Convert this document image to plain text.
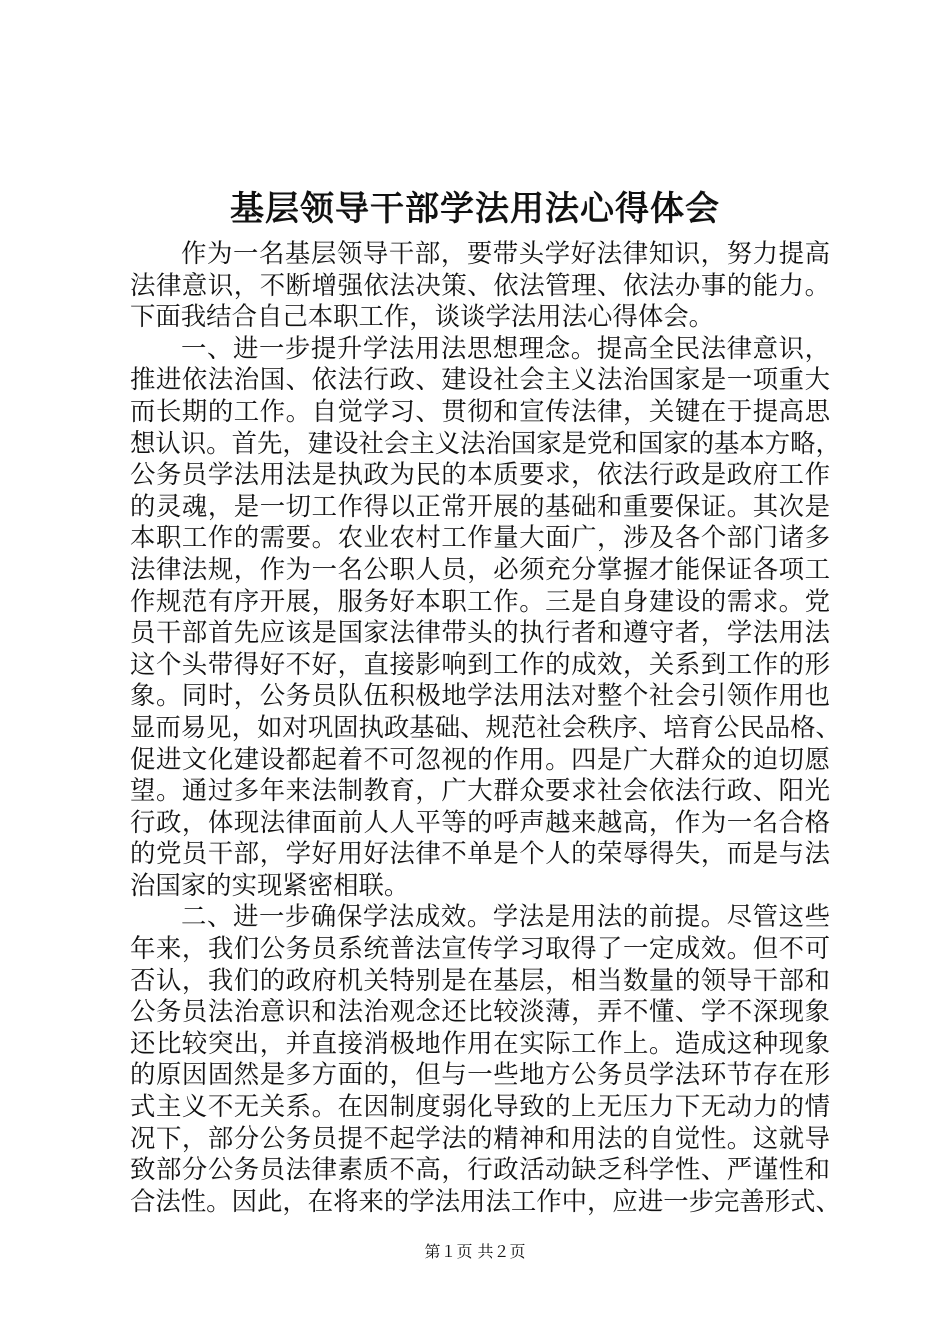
基层领导干部学法用法心得体会
作为一名基层领导干部，要带头学好法律知识，努力提高
法律意识，不断增强依法决策、依法管理、依法办事的能力。
下面我结合自己本职工作，谈谈学法用法心得体会。
一、进一步提升学法用法思想理念。提高全民法律意识，
推进依法治国、依法行政、建设社会主义法治国家是一项重大
而长期的工作。自觉学习、贯彻和宣传法律，关键在于提高思
想认识。首先，建设社会主义法治国家是党和国家的基本方略，
公务员学法用法是执政为民的本质要求，依法行政是政府工作
的灵魂，是一切工作得以正常开展的基础和重要保证。其次是
本职工作的需要。农业农村工作量大面广，涉及各个部门诸多
法律法规，作为一名公职人员，必须充分掌握才能保证各项工
作规范有序开展，服务好本职工作。三是自身建设的需求。党
员干部首先应该是国家法律带头的执行者和遵守者，学法用法
这个头带得好不好，直接影响到工作的成效，关系到工作的形
象。同时，公务员队伍积极地学法用法对整个社会引领作用也
显而易见，如对巩固执政基础、规范社会秩序、培育公民品格、
促进文化建设都起着不可忽视的作用。四是广大群众的迫切愿
望。通过多年来法制教育，广大群众要求社会依法行政、阳光
行政，体现法律面前人人平等的呼声越来越高，作为一名合格
的党员干部，学好用好法律不单是个人的荣辱得失，而是与法
治国家的实现紧密相联。
二、进一步确保学法成效。学法是用法的前提。尽管这些
年来，我们公务员系统普法宣传学习取得了一定成效。但不可
否认，我们的政府机关特别是在基层，相当数量的领导干部和
公务员法治意识和法治观念还比较淡薄，弄不懂、学不深现象
还比较突出，并直接消极地作用在实际工作上。造成这种现象
的原因固然是多方面的，但与一些地方公务员学法环节存在形
式主义不无关系。在因制度弱化导致的上无压力下无动力的情
况下，部分公务员提不起学法的精神和用法的自觉性。这就导
致部分公务员法律素质不高，行政活动缺乏科学性、严谨性和
合法性。因此，在将来的学法用法工作中，应进一步完善形式、
第１页 共２页
